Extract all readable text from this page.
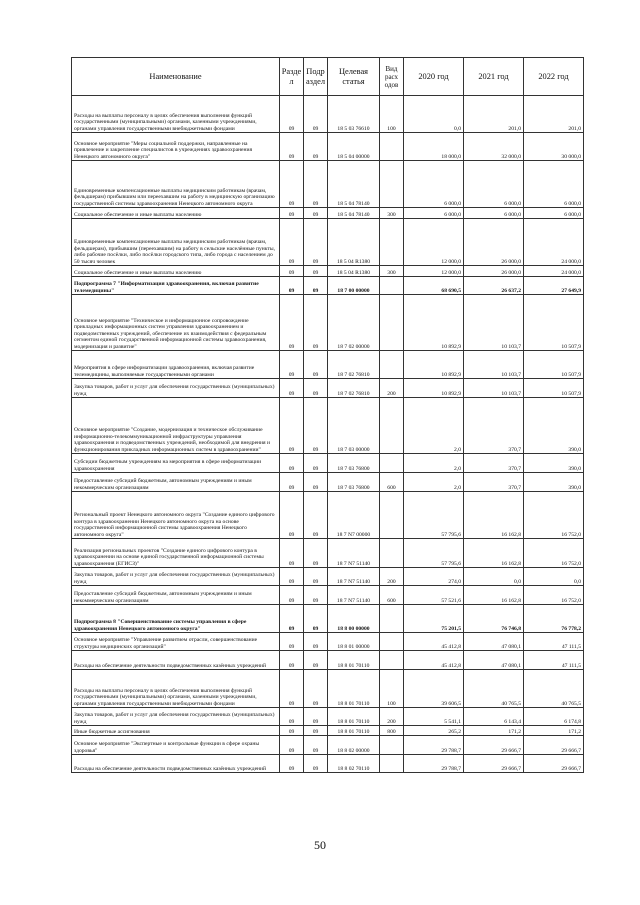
Наименование	Разде л	Подр аздел	Целевая статья	Вид расх одов	2020 год	2021 год	2022 год
Расходы на выплаты персоналу в целях обеспечения выполнения функций государственными (муниципальными) органами, казенными учреждениями, органами управления государственными внебюджетными фондами	09	09	18 5 03 76610	100	0,0	201,0	201,0
Основное мероприятие "Меры социальной поддержки, направленные на привлечение и закрепление специалистов в учреждениях здравоохранения Ненецкого автономного округа"	09	09	18 5 04 00000		18 000,0	32 000,0	30 000,0
Единовременные компенсационные выплаты медицинским работникам (врачам, фельдшерам) прибывшим или переехавшим на работу в медицинскую организацию государственной системы здравоохранения Ненецкого автономного округа	09	09	18 5 04 78140		6 000,0	6 000,0	6 000,0
Социальное обеспечение и иные выплаты населению	09	09	18 5 04 78140	300	6 000,0	6 000,0	6 000,0
Единовременные компенсационные выплаты медицинским работникам (врачам, фельдшерам), прибывшим (переехавшим) на работу в сельские населённые пункты, либо рабочие посёлки, либо посёлки городского типа, либо города с населением до 50 тысяч человек	09	09	18 5 04 R1380		12 000,0	26 000,0	24 000,0
Социальное обеспечение и иные выплаты населению	09	09	18 5 04 R1380	300	12 000,0	26 000,0	24 000,0
Подпрограмма 7 "Информатизация здравоохранения, включая развитие телемедицины"	09	09	18 7 00 00000		68 690,5	26 637,2	27 649,9
Основное мероприятие "Техническое и информационное сопровождение прикладных информационных систем управления здравоохранением и подведомственных учреждений, обеспечение их взаимодействия с федеральным сегментом единой государственной информационной системы здравоохранения, модернизация и развитие"	09	09	18 7 02 00000		10 892,9	10 103,7	10 507,9
Мероприятия в сфере информатизации здравоохранения, включая развитие телемедицины, выполняемые государственными органами	09	09	18 7 02 76810		10 892,9	10 103,7	10 507,9
Закупка товаров, работ и услуг для обеспечения государственных (муниципальных) нужд	09	09	18 7 02 76810	200	10 892,9	10 103,7	10 507,9
Основное мероприятие "Создание, модернизация и техническое обслуживание информационно-телекоммуникационной инфраструктуры управления здравоохранения и подведомственных учреждений, необходимой для внедрения и функционирования прикладных информационных систем в здравоохранении"	09	09	18 7 03 00000		2,0	370,7	390,0
Субсидии бюджетным учреждениям на мероприятия в сфере информатизации здравоохранения	09	09	18 7 03 76800		2,0	370,7	390,0
Предоставление субсидий бюджетным, автономным учреждениям и иным некоммерческим организациям	09	09	18 7 03 76800	600	2,0	370,7	390,0
Региональный проект Ненецкого автономного округа "Создание единого цифрового контура в здравоохранении Ненецкого автономного округа на основе государственной информационной системы здравоохранения Ненецкого автономного округа"	09	09	18 7 N7 00000		57 795,6	16 162,8	16 752,0
Реализация региональных проектов "Создание единого цифрового контура в здравоохранении на основе единой государственной информационной системы здравоохранения (ЕГИСЗ)"	09	09	18 7 N7 51140		57 795,6	16 162,8	16 752,0
Закупка товаров, работ и услуг для обеспечения государственных (муниципальных) нужд	09	09	18 7 N7 51140	200	274,0	0,0	0,0
Предоставление субсидий бюджетным, автономным учреждениям и иным некоммерческим организациям	09	09	18 7 N7 51140	600	57 521,6	16 162,8	16 752,0
Подпрограмма 8 "Совершенствование системы управления в сфере здравоохранения Ненецкого автономного округа"	09	09	18 8 00 00000		75 201,5	76 746,8	76 778,2
Основное мероприятие "Управление развитием отрасли, совершенствование структуры медицинских организаций"	09	09	18 8 01 00000		45 412,8	47 080,1	47 111,5
Расходы на обеспечение деятельности подведомственных казённых учреждений	09	09	18 8 01 70110		45 412,8	47 080,1	47 111,5
Расходы на выплаты персоналу в целях обеспечения выполнения функций государственными (муниципальными) органами, казенными учреждениями, органами управления государственными внебюджетными фондами	09	09	18 8 01 70110	100	39 606,5	40 765,5	40 765,5
Закупка товаров, работ и услуг для обеспечения государственных (муниципальных) нужд	09	09	18 8 01 70110	200	5 541,1	6 143,4	6 174,8
Иные бюджетные ассигнования	09	09	18 8 01 70110	800	265,2	171,2	171,2
Основное мероприятие "Экспертные и контрольные функции в сфере охраны здоровья"	09	09	18 8 02 00000		29 788,7	29 666,7	29 666,7
Расходы на обеспечение деятельности подведомственных казённых учреждений	09	09	18 8 02 70110		29 788,7	29 666,7	29 666,7
50
